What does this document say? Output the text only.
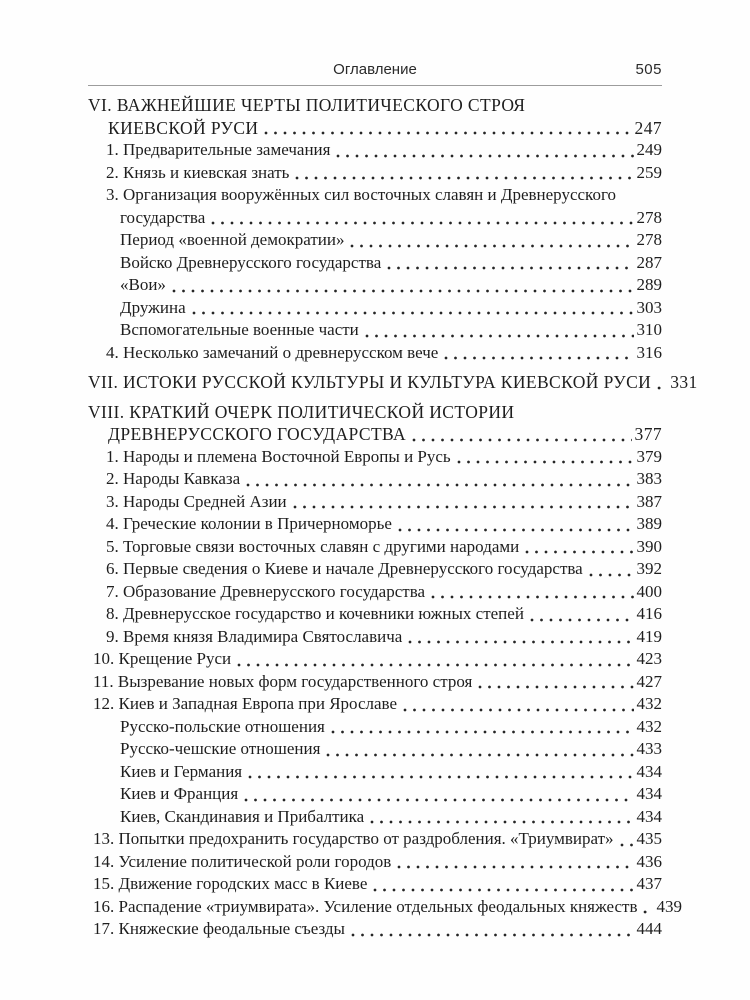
Оглавление	505
VI. ВАЖНЕЙШИЕ ЧЕРТЫ ПОЛИТИЧЕСКОГО СТРОЯ
КИЕВСКОЙ РУСИ	247
1. Предварительные замечания	249
2. Князь и киевская знать	259
3. Организация вооружённых сил восточных славян и Древнерусского
государства	278
Период «военной демократии»	278
Войско Древнерусского государства	287
«Вои»	289
Дружина	303
Вспомогательные военные части	310
4. Несколько замечаний о древнерусском вече	316
VII. ИСТОКИ РУССКОЙ КУЛЬТУРЫ И КУЛЬТУРА КИЕВСКОЙ РУСИ 331
VIII. КРАТКИЙ ОЧЕРК ПОЛИТИЧЕСКОЙ ИСТОРИИ
ДРЕВНЕРУССКОГО ГОСУДАРСТВА	377
1. Народы и племена Восточной Европы и Русь	379
2. Народы Кавказа	383
3. Народы Средней Азии	387
4. Греческие колонии в Причерноморье	389
5. Торговые связи восточных славян с другими народами	390
6. Первые сведения о Киеве и начале Древнерусского государства	392
7. Образование Древнерусского государства	400
8. Древнерусское государство и кочевники южных степей	416
9. Время князя Владимира Святославича	419
10. Крещение Руси	423
11. Вызревание новых форм государственного строя	427
12. Киев и Западная Европа при Ярославе	432
Русско-польские отношения	432
Русско-чешские отношения	433
Киев и Германия	434
Киев и Франция	434
Киев, Скандинавия и Прибалтика	434
13. Попытки предохранить государство от раздробления. «Триумвират» 435
14. Усиление политической роли городов	436
15. Движение городских масс в Киеве	437
16. Распадение «триумвирата». Усиление отдельных феодальных княжеств 439
17. Княжеские феодальные съезды	444
